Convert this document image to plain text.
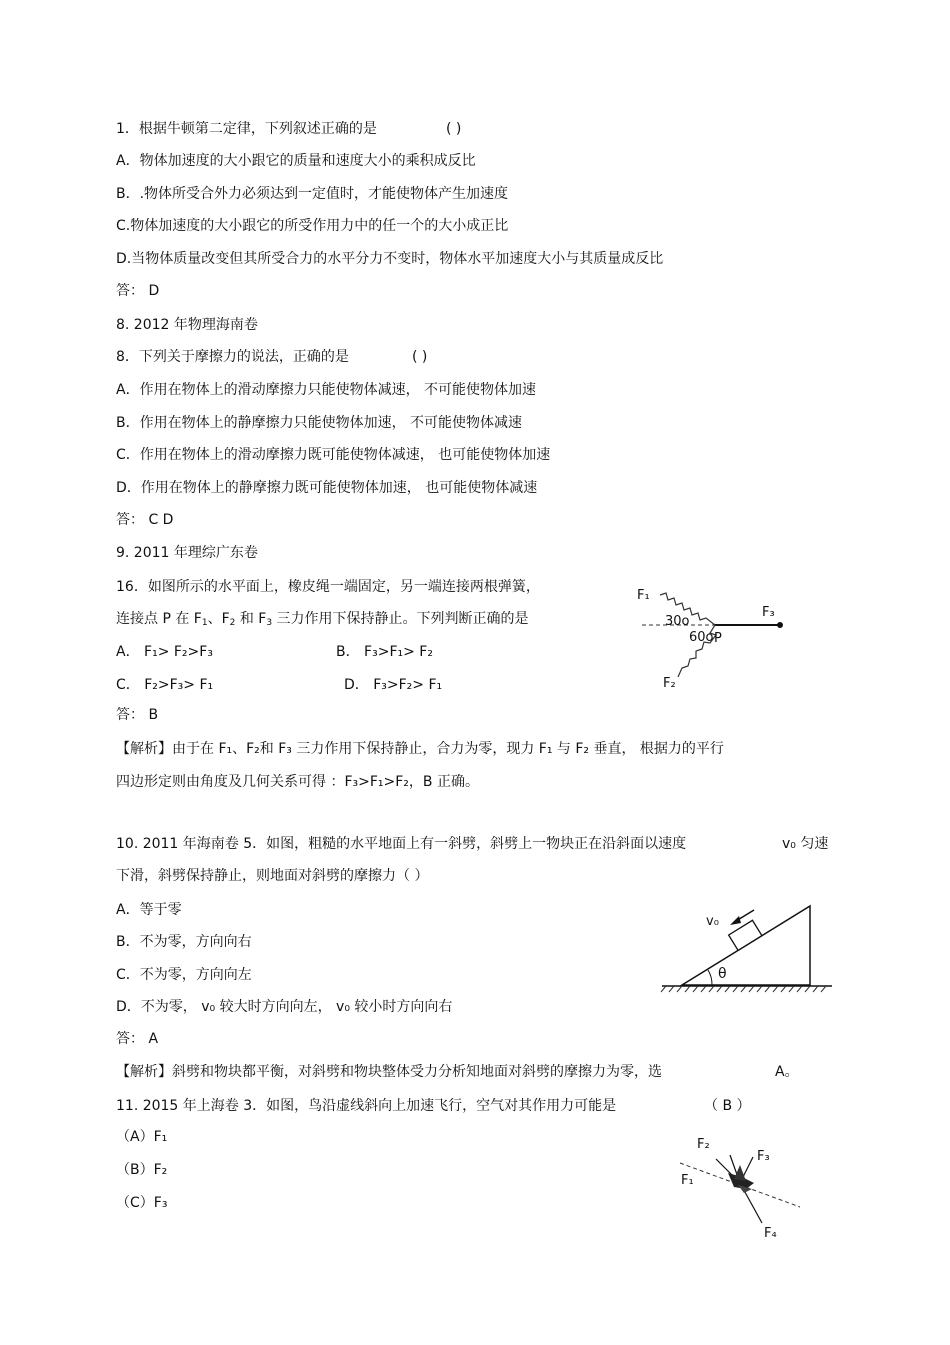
1．根据牛顿第二定律，下列叙述正确的是	( )
A．物体加速度的大小跟它的质量和速度大小的乘积成反比
B．.物体所受合外力必须达到一定值时，才能使物体产生加速度
C.物体加速度的大小跟它的所受作用力中的任一个的大小成正比
D.当物体质量改变但其所受合力的水平分力不变时，物体水平加速度大小与其质量成反比
答： D
8. 2012 年物理海南卷
8．下列关于摩擦力的说法，正确的是	( )
A．作用在物体上的滑动摩擦力只能使物体减速， 不可能使物体加速
B．作用在物体上的静摩擦力只能使物体加速， 不可能使物体减速
C．作用在物体上的滑动摩擦力既可能使物体减速， 也可能使物体加速
D．作用在物体上的静摩擦力既可能使物体加速， 也可能使物体减速
答： C D
9. 2011 年理综广东卷
16．如图所示的水平面上，橡皮绳一端固定，另一端连接两根弹簧，
连接点 P 在 $F_1$、$F_2$ 和 $F_3$ 三力作用下保持静止。下列判断正确的是
A． F₁> F₂>F₃	B． F₃>F₁> F₂
C． F₂>F₃> F₁	D． F₃>F₂> F₁
答： B
【解析】由于在 F₁、F₂和 F₃ 三力作用下保持静止，合力为零，现力 F₁ 与 F₂ 垂直， 根据力的平行
四边形定则由角度及几何关系可得 ：F₃>F₁>F₂，B 正确。
F₁
F₃
30o
60o P
F₂
10. 2011 年海南卷 5．如图，粗糙的水平地面上有一斜劈，斜劈上一物块正在沿斜面以速度	v₀ 匀速
下滑，斜劈保持静止，则地面对斜劈的摩擦力（ ）
A．等于零
B．不为零，方向向右
C．不为零，方向向左
D．不为零， v₀ 较大时方向向左， v₀ 较小时方向向右
答： A
【解析】斜劈和物块都平衡，对斜劈和物块整体受力分析知地面对斜劈的摩擦力为零，选	A。
v₀
θ
11. 2015 年上海卷 3．如图，鸟沿虚线斜向上加速飞行，空气对其作用力可能是	（ B ）
（A）F₁
（B）F₂
（C）F₃
F₂
F₃
F₁
F₄
